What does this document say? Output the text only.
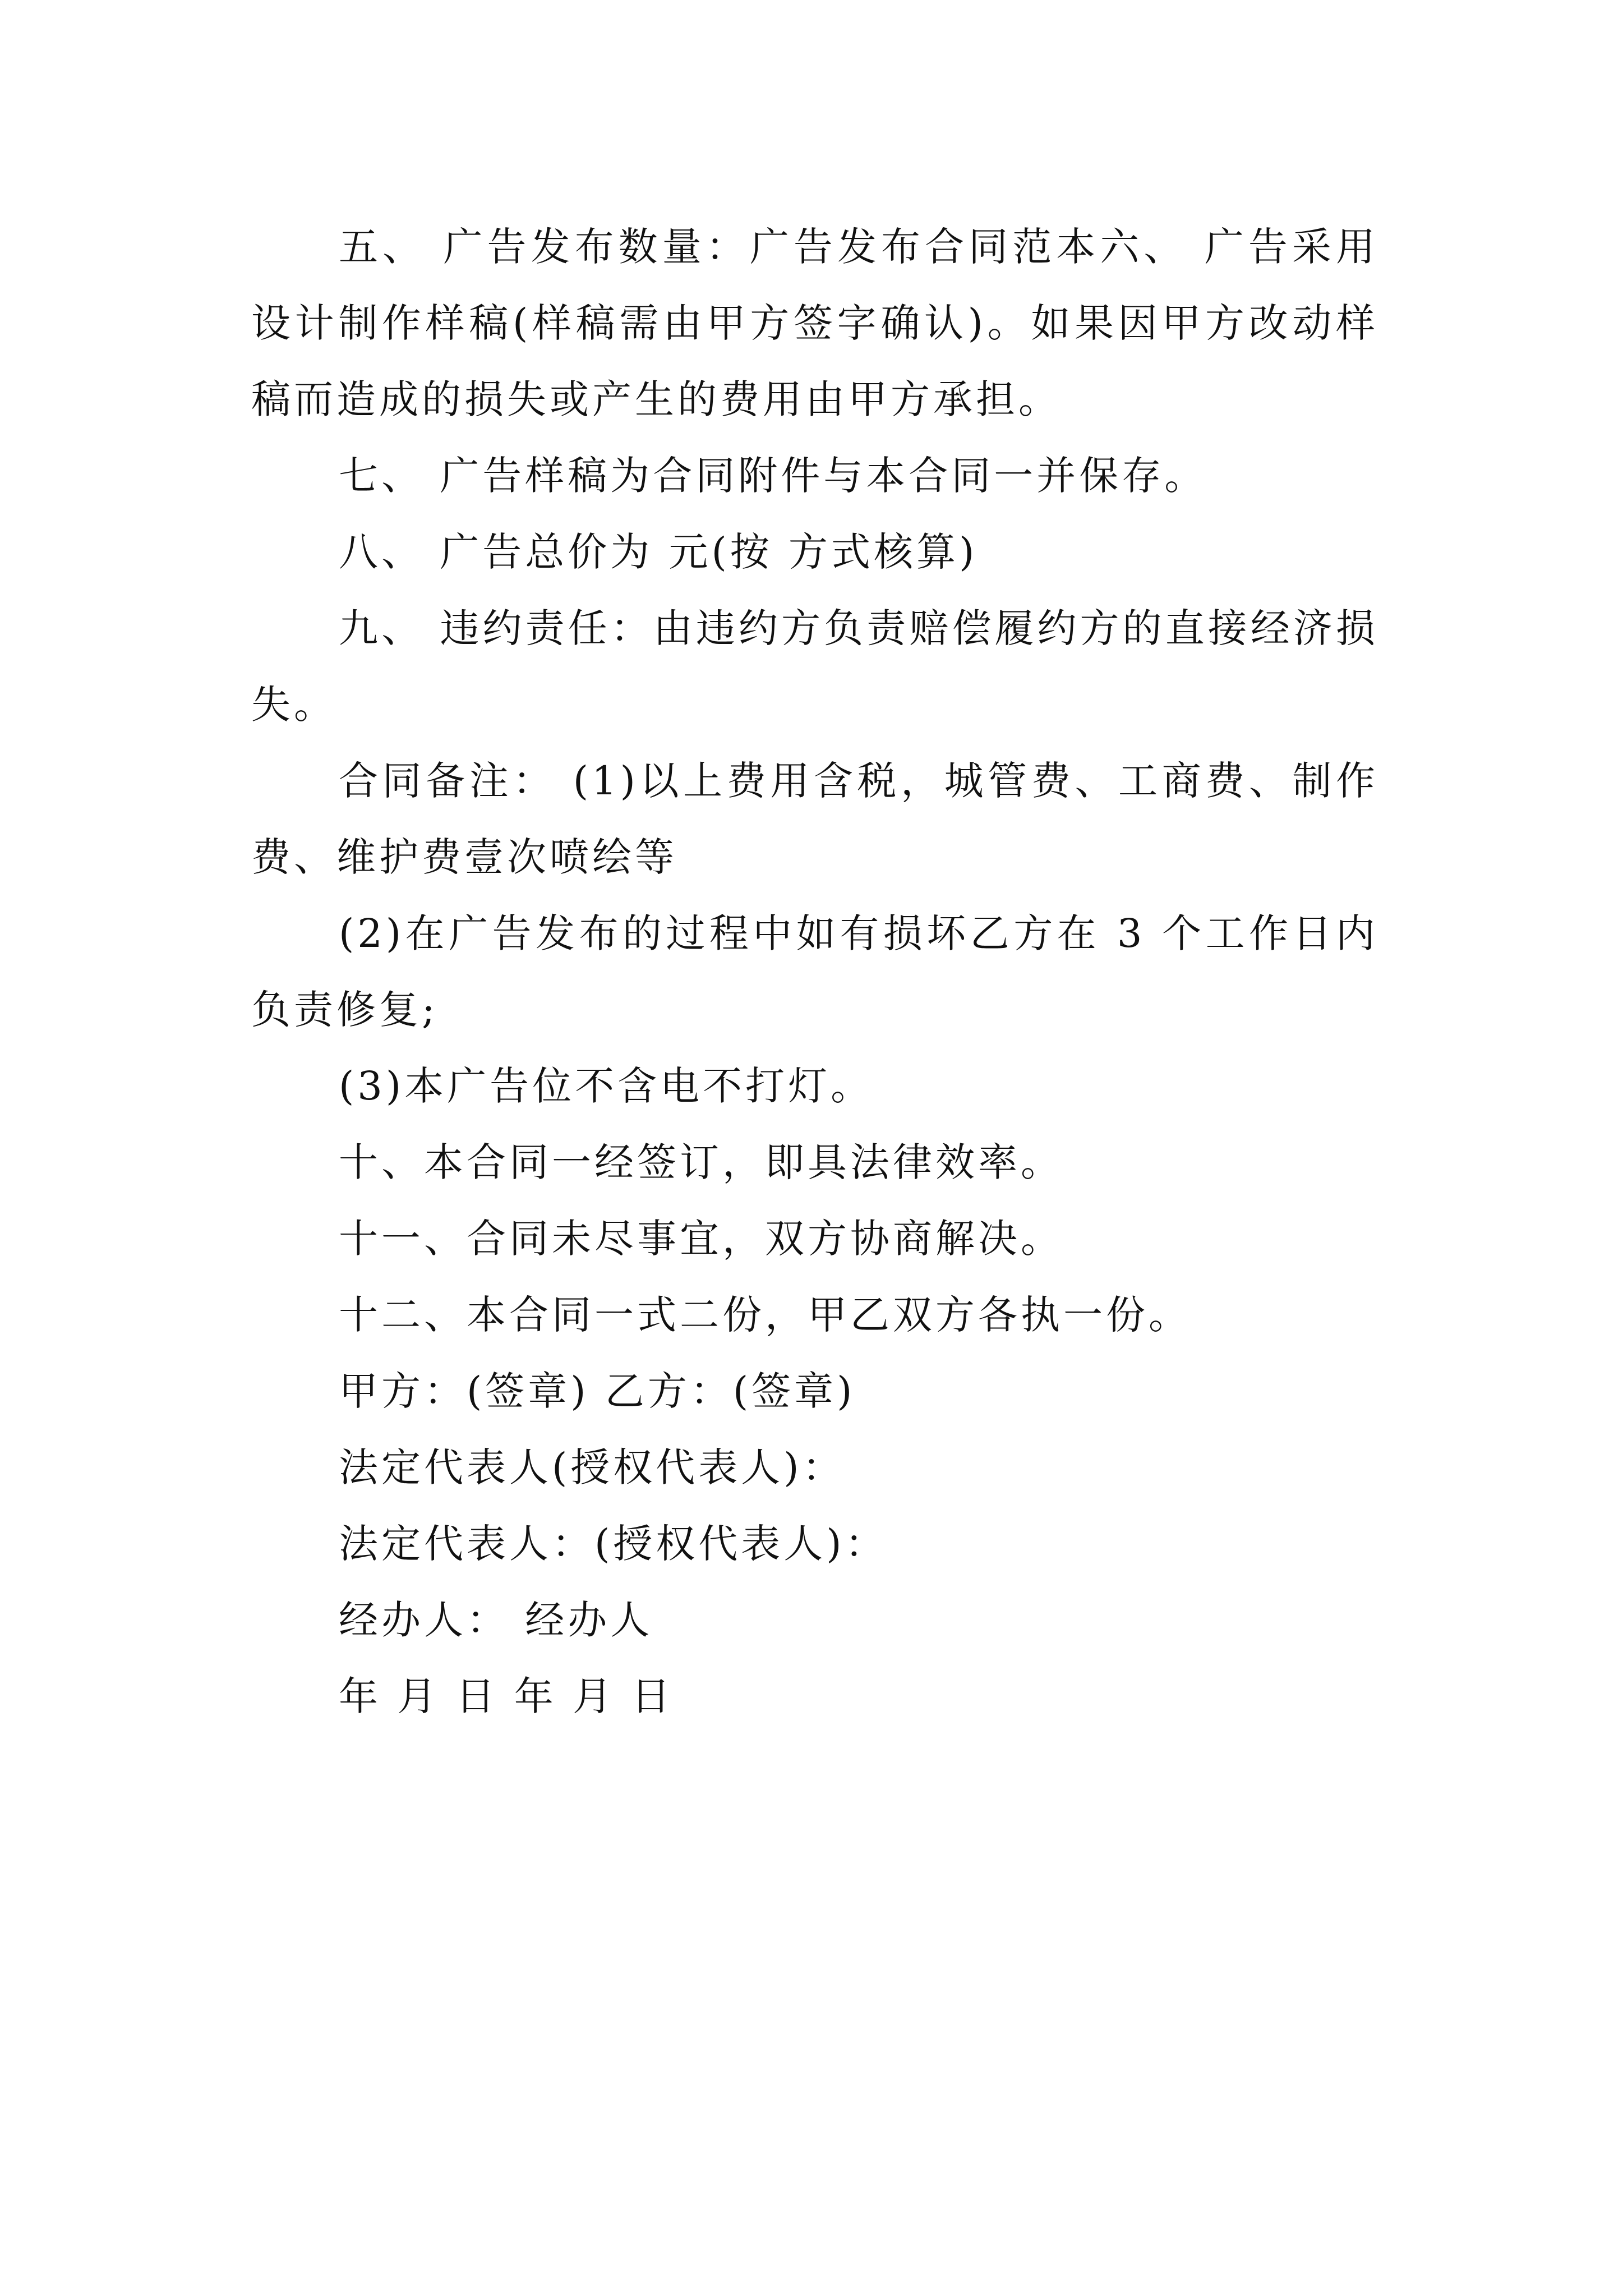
五、 广告发布数量：广告发布合同范本六、 广告采用设计制作样稿(样稿需由甲方签字确认)。如果因甲方改动样稿而造成的损失或产生的费用由甲方承担。

七、 广告样稿为合同附件与本合同一并保存。

八、 广告总价为 元(按 方式核算)

九、 违约责任：由违约方负责赔偿履约方的直接经济损失。

合同备注： (1)以上费用含税，城管费、工商费、制作费、维护费壹次喷绘等

(2)在广告发布的过程中如有损坏乙方在 3 个工作日内负责修复;

(3)本广告位不含电不打灯。

十、本合同一经签订，即具法律效率。

十一、合同未尽事宜，双方协商解决。

十二、本合同一式二份，甲乙双方各执一份。

甲方：(签章) 乙方：(签章)

法定代表人(授权代表人)：

法定代表人：(授权代表人)：

经办人： 经办人

年 月 日 年 月 日
